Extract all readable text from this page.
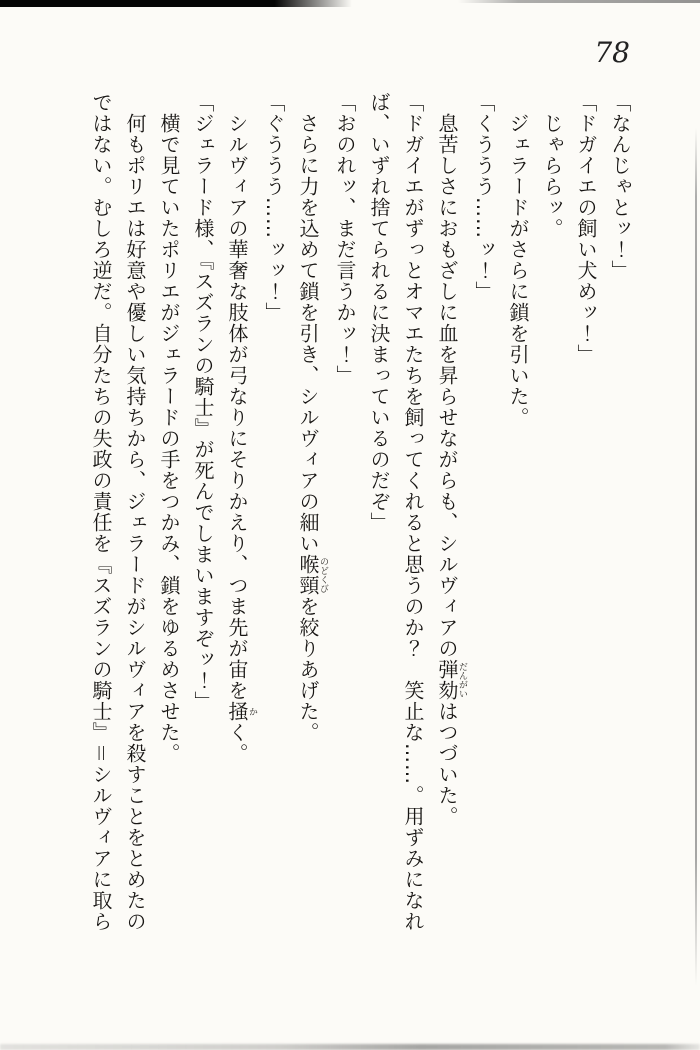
78
「なんじゃとッ！」
「ドガイエの飼い犬めッ！」
　じゃららッ。
　ジェラードがさらに鎖を引いた。
「くううう……ッ！」
　息苦しさにおもざしに血を昇らせながらも、シルヴィアの弾劾だんがいはつづいた。
「ドガイエがずっとオマエたちを飼ってくれると思うのか？　笑止な……。用ずみになれ
ば、いずれ捨てられるに決まっているのだぞ」
「おのれッ、まだ言うかッ！」
　さらに力を込めて鎖を引き、シルヴィアの細い喉頸のどくびを絞りあげた。
「ぐううう……ッッ！」
　シルヴィアの華奢な肢体が弓なりにそりかえり、つま先が宙を掻かく。
「ジェラード様、『スズランの騎士』が死んでしまいますぞッ！」
　横で見ていたポリエがジェラードの手をつかみ、鎖をゆるめさせた。
　何もポリエは好意や優しい気持ちから、ジェラードがシルヴィアを殺すことをとめたの
ではない。むしろ逆だ。自分たちの失政の責任を『スズランの騎士』＝シルヴィアに取ら
